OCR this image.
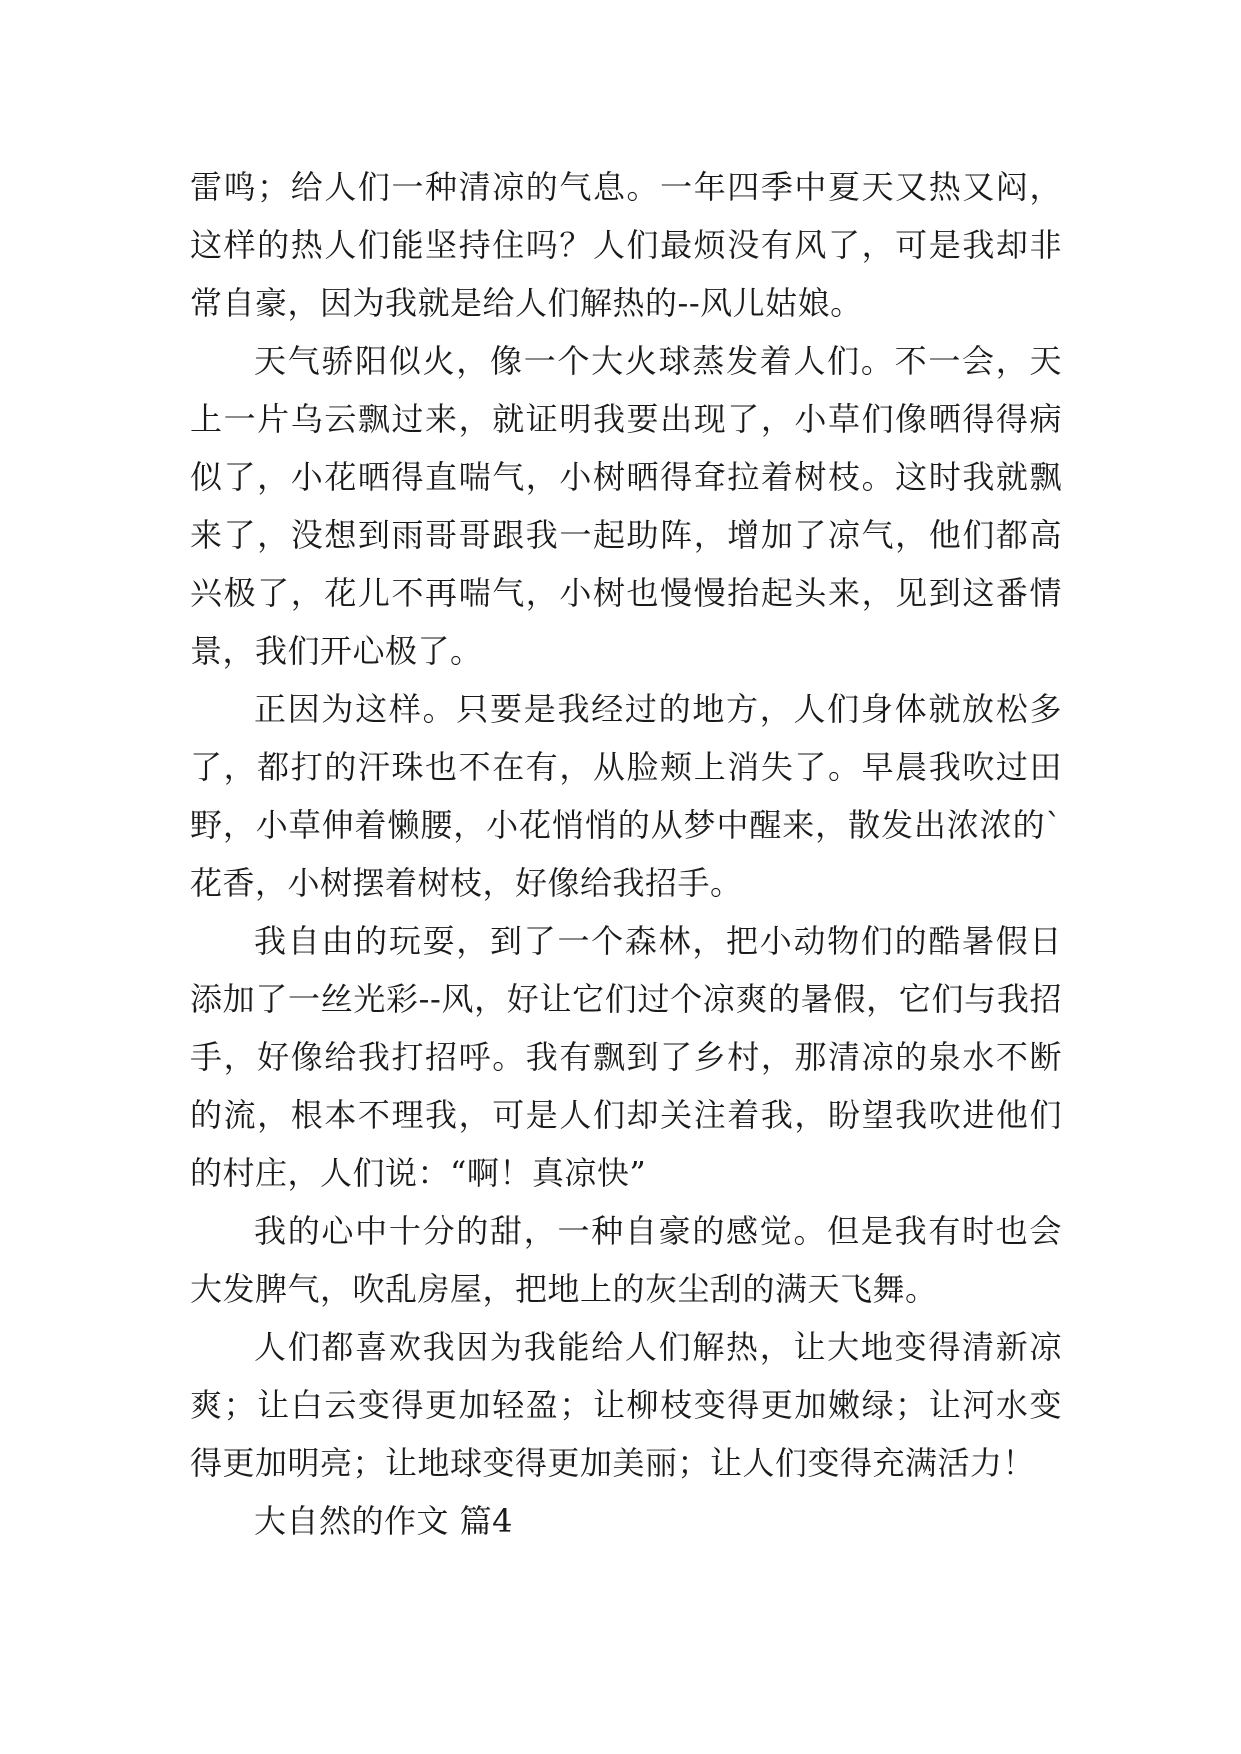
雷鸣；给人们一种清凉的气息。一年四季中夏天又热又闷，这样的热人们能坚持住吗？人们最烦没有风了，可是我却非常自豪，因为我就是给人们解热的--风儿姑娘。

天气骄阳似火，像一个大火球蒸发着人们。不一会，天上一片乌云飘过来，就证明我要出现了，小草们像晒得得病似了，小花晒得直喘气，小树晒得耷拉着树枝。这时我就飘来了，没想到雨哥哥跟我一起助阵，增加了凉气，他们都高兴极了，花儿不再喘气，小树也慢慢抬起头来，见到这番情景，我们开心极了。

正因为这样。只要是我经过的地方，人们身体就放松多了，都打的汗珠也不在有，从脸颊上消失了。早晨我吹过田野，小草伸着懒腰，小花悄悄的从梦中醒来，散发出浓浓的`花香，小树摆着树枝，好像给我招手。

我自由的玩耍，到了一个森林，把小动物们的酷暑假日添加了一丝光彩--风，好让它们过个凉爽的暑假，它们与我招手，好像给我打招呼。我有飘到了乡村，那清凉的泉水不断的流，根本不理我，可是人们却关注着我，盼望我吹进他们的村庄，人们说：“啊！真凉快”

我的心中十分的甜，一种自豪的感觉。但是我有时也会大发脾气，吹乱房屋，把地上的灰尘刮的满天飞舞。

人们都喜欢我因为我能给人们解热，让大地变得清新凉爽；让白云变得更加轻盈；让柳枝变得更加嫩绿；让河水变得更加明亮；让地球变得更加美丽；让人们变得充满活力！

大自然的作文 篇4
